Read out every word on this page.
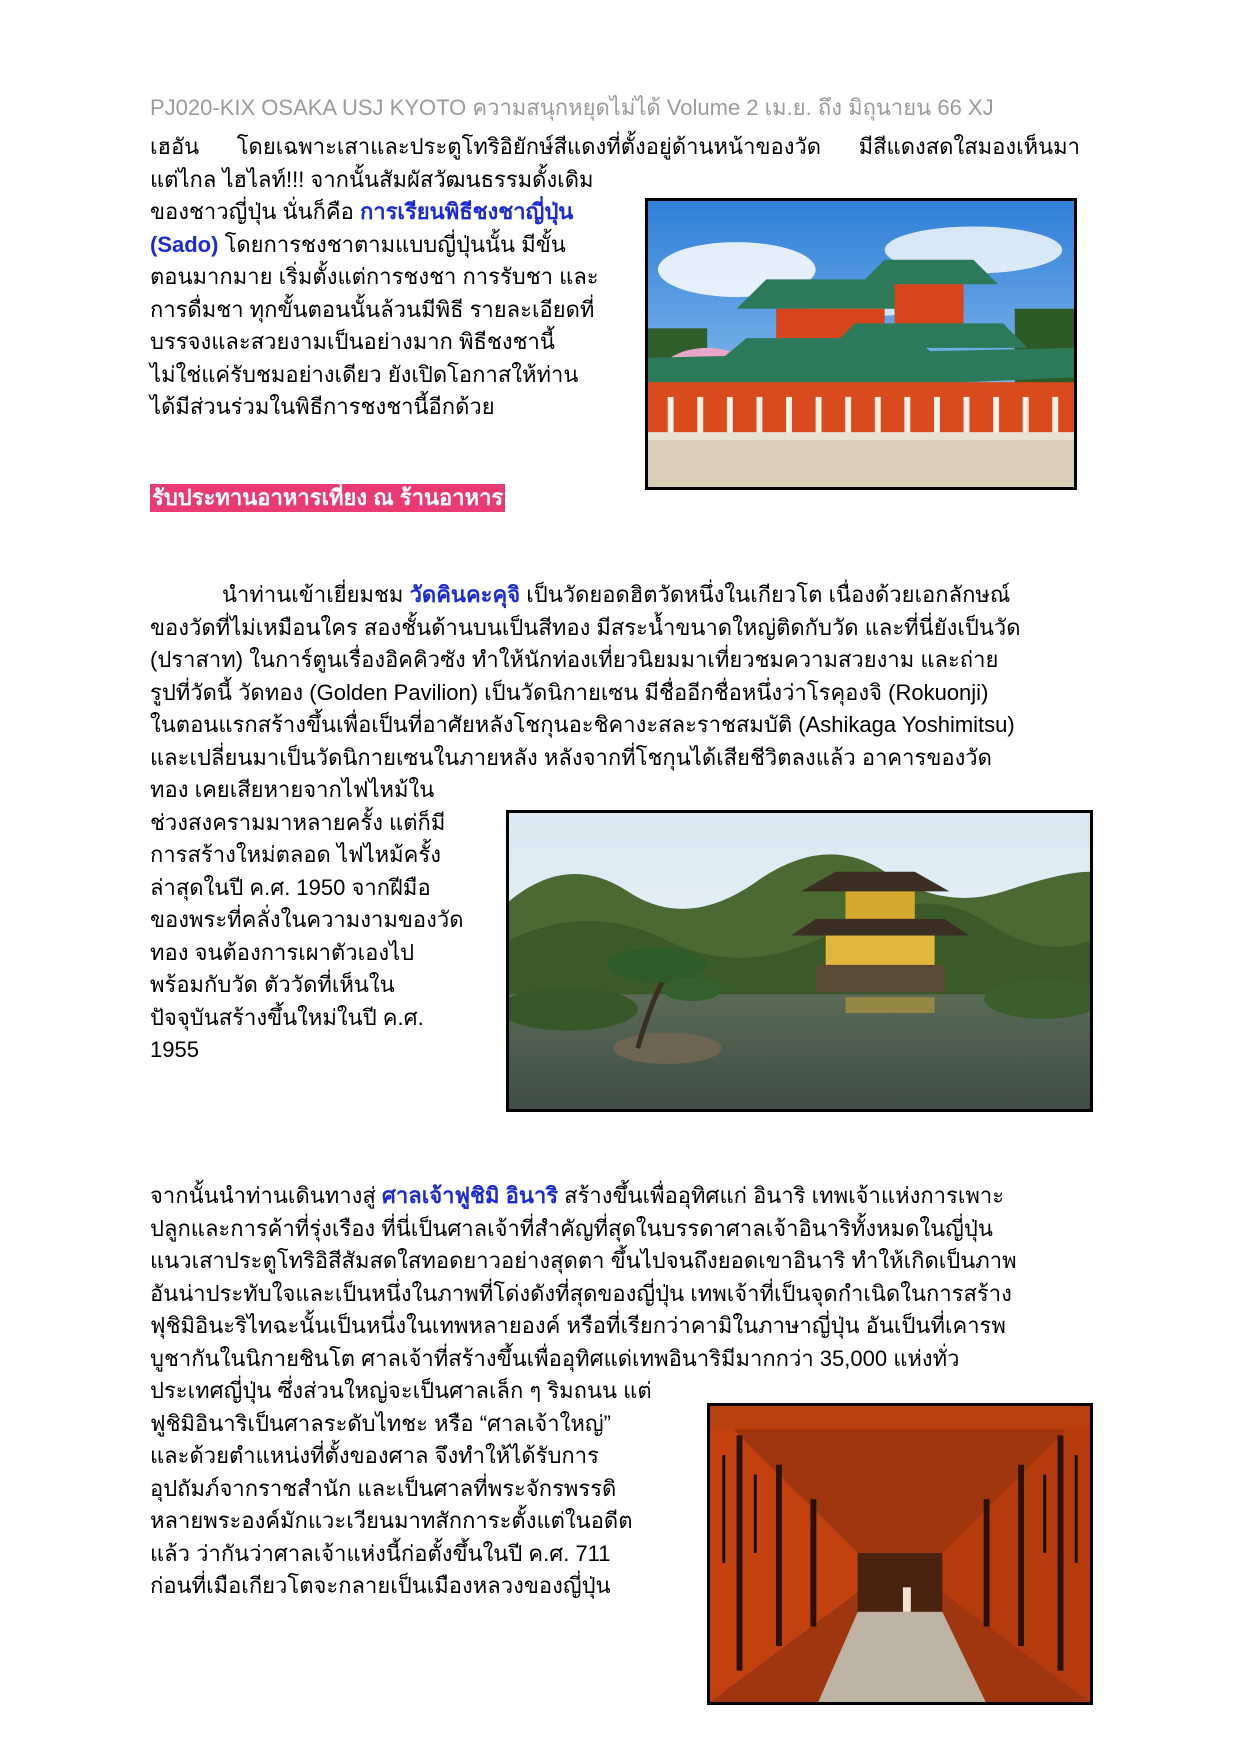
PJ020-KIX OSAKA USJ KYOTO ความสนุกหยุดไม่ได้ Volume 2 เม.ย. ถึง มิถุนายน 66 XJ
เฮอัน โดยเฉพาะเสาและประตูโทริอิยักษ์สีแดงที่ตั้งอยู่ด้านหน้าของวัด มีสีแดงสดใสมองเห็นมา
แต่ไกล ไฮไลท์!!! จากนั้นสัมผัสวัฒนธรรมดั้งเดิม
ของชาวญี่ปุ่น นั่นก็คือ การเรียนพิธีชงชาญี่ปุ่น
(Sado) โดยการชงชาตามแบบญี่ปุ่นนั้น มีขั้น
ตอนมากมาย เริ่มตั้งแต่การชงชา การรับชา และ
การดื่มชา ทุกขั้นตอนนั้นล้วนมีพิธี รายละเอียดที่
บรรจงและสวยงามเป็นอย่างมาก พิธีชงชานี้
ไม่ใช่แค่รับชมอย่างเดียว ยังเปิดโอกาสให้ท่าน
ได้มีส่วนร่วมในพิธีการชงชานี้อีกด้วย
รับประทานอาหารเที่ยง ณ ร้านอาหาร
นำท่านเข้าเยี่ยมชม วัดคินคะคุจิ เป็นวัดยอดฮิตวัดหนึ่งในเกียวโต เนื่องด้วยเอกลักษณ์
ของวัดที่ไม่เหมือนใคร สองชั้นด้านบนเป็นสีทอง มีสระน้ำขนาดใหญ่ติดกับวัด และที่นี่ยังเป็นวัด
(ปราสาท) ในการ์ตูนเรื่องอิคคิวซัง ทำให้นักท่องเที่ยวนิยมมาเที่ยวชมความสวยงาม และถ่าย
รูปที่วัดนี้ วัดทอง (Golden Pavilion) เป็นวัดนิกายเซน มีชื่ออีกชื่อหนึ่งว่าโรคุองจิ (Rokuonji)
ในตอนแรกสร้างขึ้นเพื่อเป็นที่อาศัยหลังโชกุนอะชิคางะสละราชสมบัติ (Ashikaga Yoshimitsu)
และเปลี่ยนมาเป็นวัดนิกายเซนในภายหลัง หลังจากที่โชกุนได้เสียชีวิตลงแล้ว อาคารของวัด
ทอง เคยเสียหายจากไฟไหม้ใน
ช่วงสงครามมาหลายครั้ง แต่ก็มี
การสร้างใหม่ตลอด ไฟไหม้ครั้ง
ล่าสุดในปี ค.ศ. 1950 จากฝีมือ
ของพระที่คลั่งในความงามของวัด
ทอง จนต้องการเผาตัวเองไป
พร้อมกับวัด ตัววัดที่เห็นใน
ปัจจุบันสร้างขึ้นใหม่ในปี ค.ศ.
1955
จากนั้นนำท่านเดินทางสู่ ศาลเจ้าฟูชิมิ อินาริ สร้างขึ้นเพื่ออุทิศแก่ อินาริ เทพเจ้าแห่งการเพาะ
ปลูกและการค้าที่รุ่งเรือง ที่นี่เป็นศาลเจ้าที่สำคัญที่สุดในบรรดาศาลเจ้าอินาริทั้งหมดในญี่ปุ่น
แนวเสาประตูโทริอิสีสัมสดใสทอดยาวอย่างสุดตา ขึ้นไปจนถึงยอดเขาอินาริ ทำให้เกิดเป็นภาพ
อันน่าประทับใจและเป็นหนึ่งในภาพที่โด่งดังที่สุดของญี่ปุ่น เทพเจ้าที่เป็นจุดกำเนิดในการสร้าง
ฟุชิมิอินะริไทฉะนั้นเป็นหนึ่งในเทพหลายองค์ หรือที่เรียกว่าคามิในภาษาญี่ปุ่น อันเป็นที่เคารพ
บูชากันในนิกายชินโต ศาลเจ้าที่สร้างขึ้นเพื่ออุทิศแด่เทพอินาริมีมากกว่า 35,000 แห่งทั่ว
ประเทศญี่ปุ่น ซึ่งส่วนใหญ่จะเป็นศาลเล็ก ๆ ริมถนน แต่
ฟูชิมิอินาริเป็นศาลระดับไทชะ หรือ “ศาลเจ้าใหญ่”
และด้วยตำแหน่งที่ตั้งของศาล จึงทำให้ได้รับการ
อุปถัมภ์จากราชสำนัก และเป็นศาลที่พระจักรพรรดิ
หลายพระองค์มักแวะเวียนมาทสักการะตั้งแต่ในอดีต
แล้ว ว่ากันว่าศาลเจ้าแห่งนี้ก่อตั้งขึ้นในปี ค.ศ. 711
ก่อนที่เมือเกียวโตจะกลายเป็นเมืองหลวงของญี่ปุ่น
